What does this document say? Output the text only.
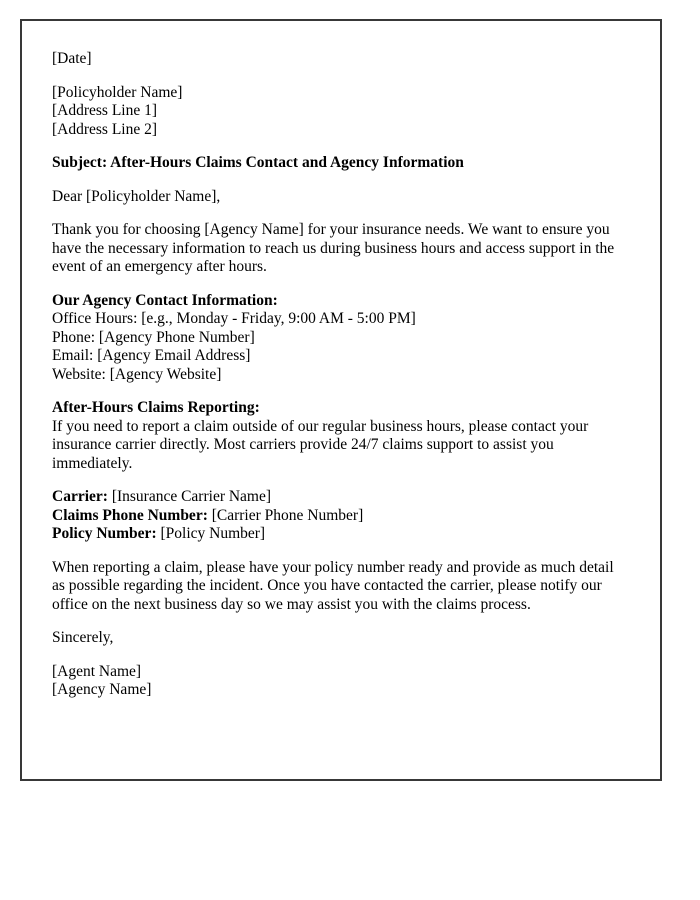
[Date]
[Policyholder Name]
[Address Line 1]
[Address Line 2]
Subject: After-Hours Claims Contact and Agency Information
Dear [Policyholder Name],
Thank you for choosing [Agency Name] for your insurance needs. We want to ensure you have the necessary information to reach us during business hours and access support in the event of an emergency after hours.
Our Agency Contact Information:
Office Hours: [e.g., Monday - Friday, 9:00 AM - 5:00 PM]
Phone: [Agency Phone Number]
Email: [Agency Email Address]
Website: [Agency Website]
After-Hours Claims Reporting:
If you need to report a claim outside of our regular business hours, please contact your insurance carrier directly. Most carriers provide 24/7 claims support to assist you immediately.
Carrier: [Insurance Carrier Name]
Claims Phone Number: [Carrier Phone Number]
Policy Number: [Policy Number]
When reporting a claim, please have your policy number ready and provide as much detail as possible regarding the incident. Once you have contacted the carrier, please notify our office on the next business day so we may assist you with the claims process.
Sincerely,
[Agent Name]
[Agency Name]
